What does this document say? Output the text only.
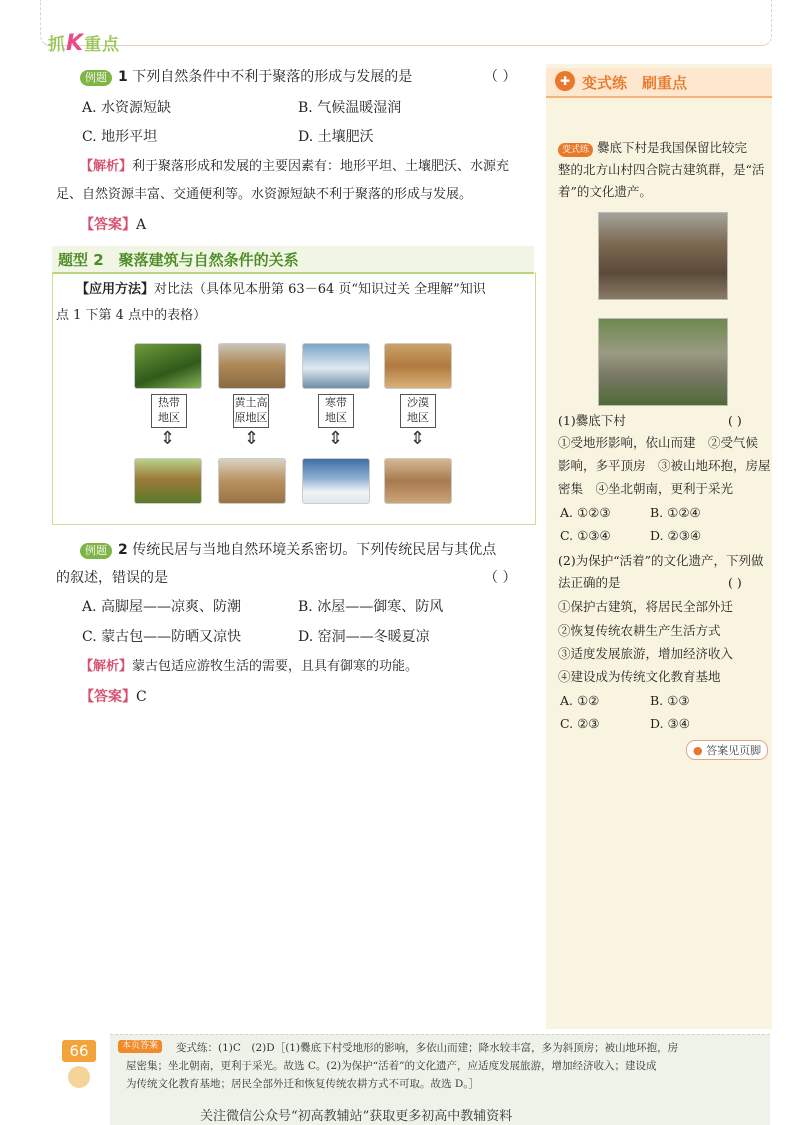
抓K重点
例题 1 下列自然条件中不利于聚落的形成与发展的是	（ ）
A. 水资源短缺	B. 气候温暖湿润
C. 地形平坦	D. 土壤肥沃
【解析】利于聚落形成和发展的主要因素有：地形平坦、土壤肥沃、水源充
足、自然资源丰富、交通便利等。水资源短缺不利于聚落的形成与发展。
【答案】A
题型 2　聚落建筑与自然条件的关系
【应用方法】对比法（具体见本册第 63－64 页“知识过关 全理解”知识
点 1 下第 4 点中的表格）
热带
地区
黄土高
原地区
寒带
地区
沙漠
地区
⇕	⇕	⇕	⇕
例题 2 传统民居与当地自然环境关系密切。下列传统民居与其优点
的叙述，错误的是	（ ）
A. 高脚屋——凉爽、防潮	B. 冰屋——御寒、防风
C. 蒙古包——防晒又凉快	D. 窑洞——冬暖夏凉
【解析】蒙古包适应游牧生活的需要，且具有御寒的功能。
【答案】C
✚ 变式练　刷重点
变式练 爨底下村是我国保留比较完
整的北方山村四合院古建筑群，是“活
着”的文化遗产。
(1)爨底下村	( )
①受地形影响，依山而建　②受气候
影响，多平顶房　③被山地环抱，房屋
密集　④坐北朝南，更利于采光
A. ①②③	B. ①②④
C. ①③④	D. ②③④
(2)为保护“活着”的文化遗产，下列做
法正确的是	( )
①保护古建筑，将居民全部外迁
②恢复传统农耕生产生活方式
③适度发展旅游，增加经济收入
④建设成为传统文化教育基地
A. ①②	B. ①③
C. ②③	D. ③④
● 答案见页脚
66	本页答案	变式练：(1)C　(2)D［(1)爨底下村受地形的影响，多依山而建；降水较丰富，多为斜顶房；被山地环抱，房
屋密集；坐北朝南，更利于采光。故选 C。(2)为保护“活着”的文化遗产，应适度发展旅游，增加经济收入；建设成
为传统文化教育基地；居民全部外迁和恢复传统农耕方式不可取。故选 D。］
关注微信公众号“初高教辅站”获取更多初高中教辅资料
